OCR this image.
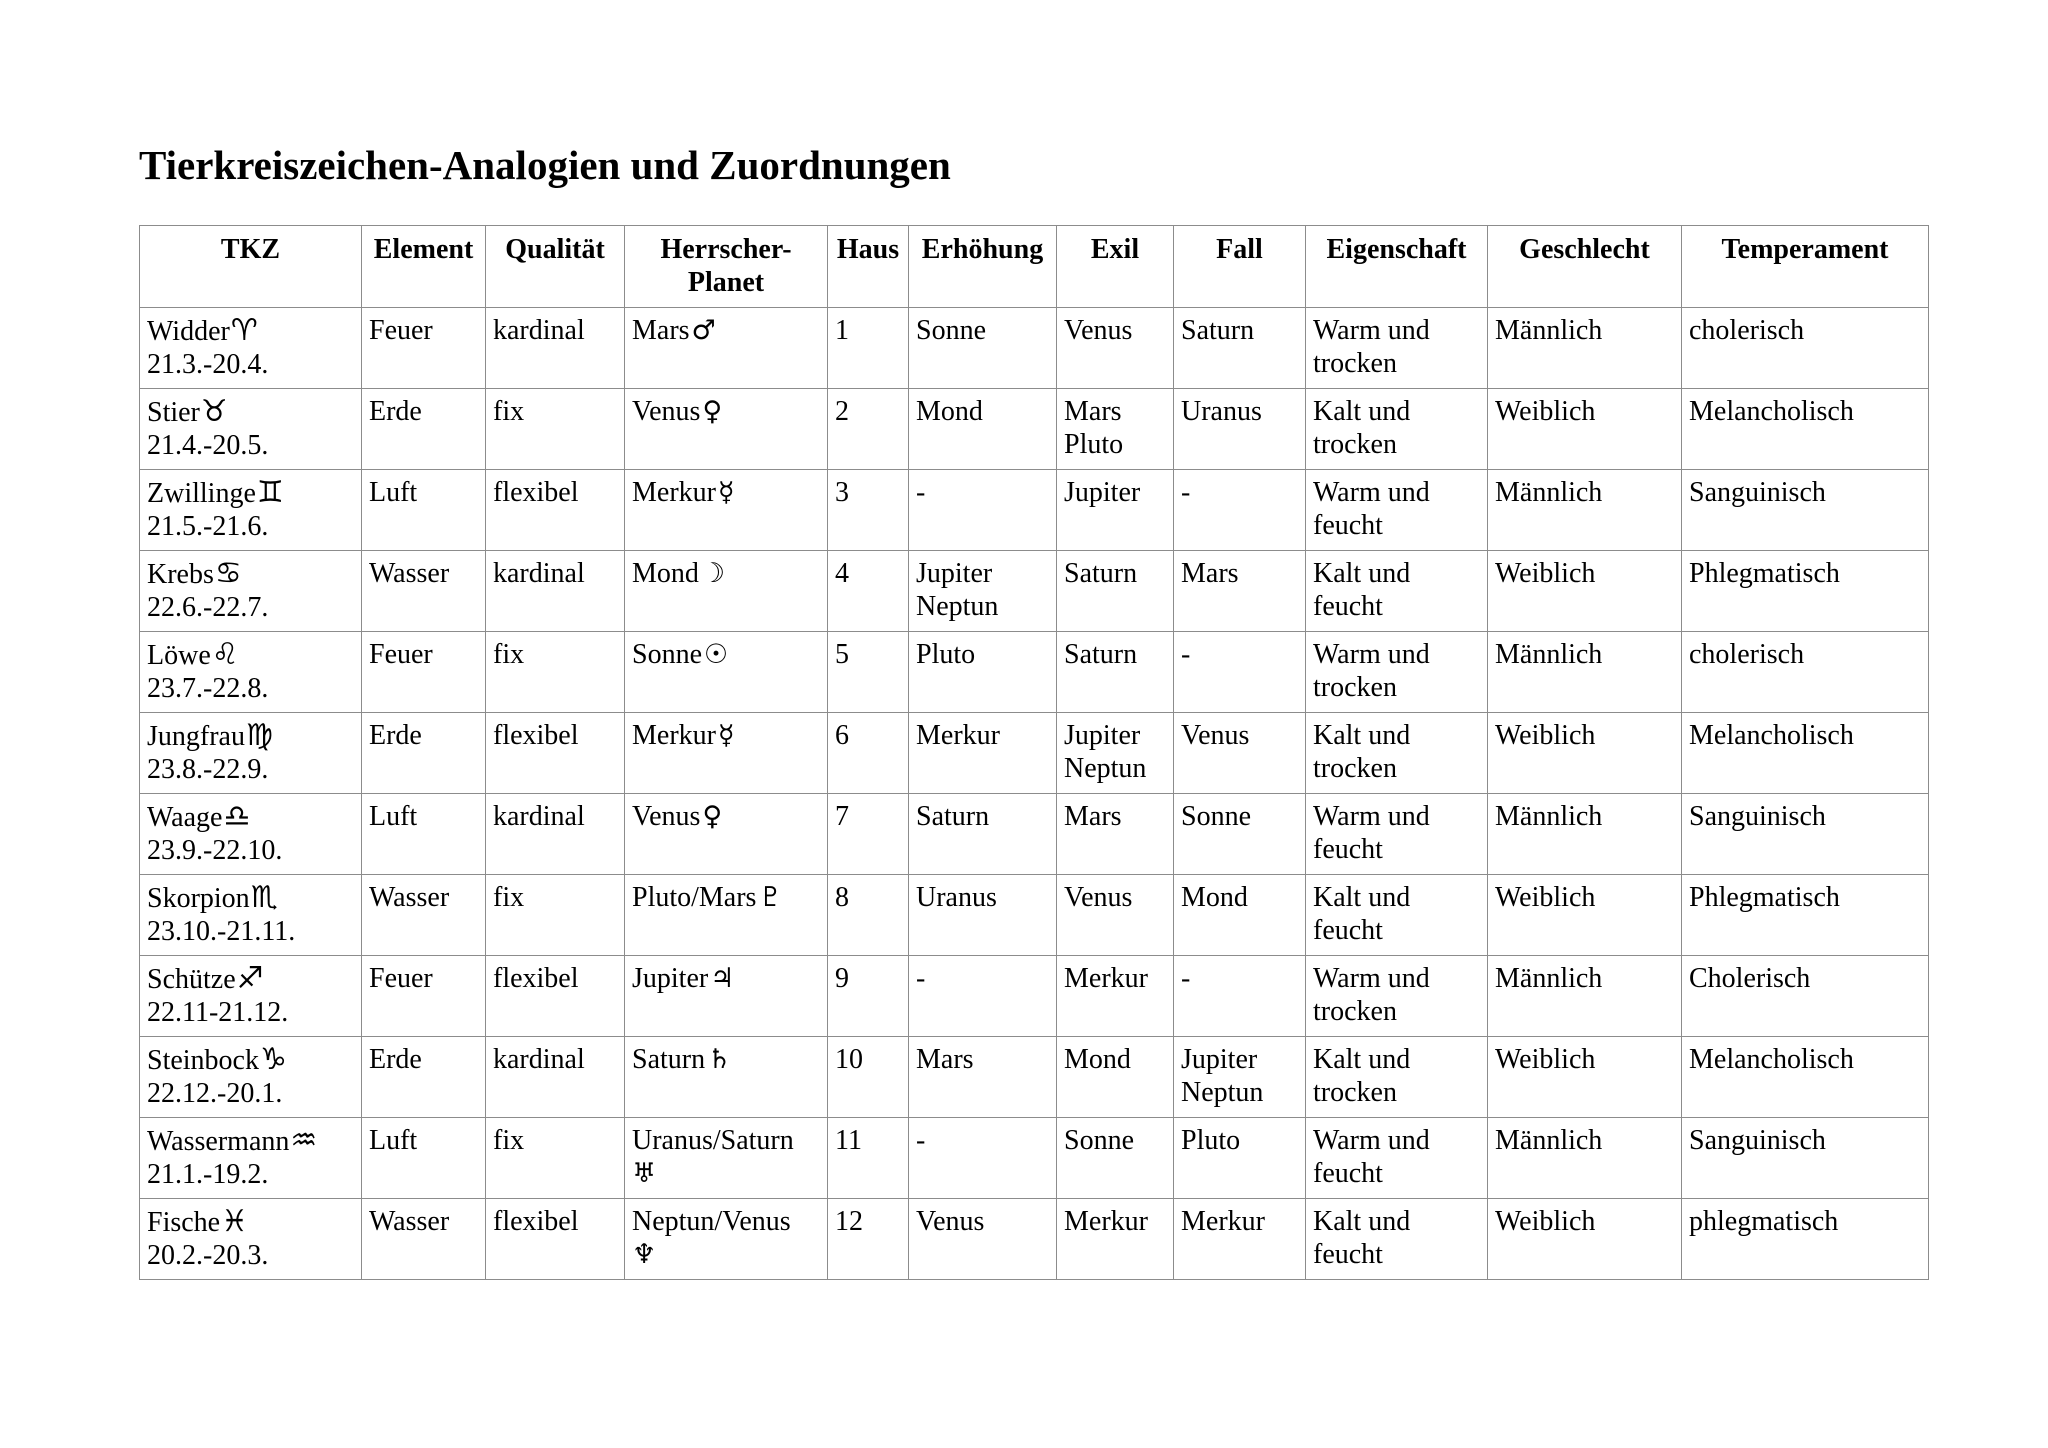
Tierkreiszeichen-Analogien und Zuordnungen
TKZ	Element	Qualität	Herrscher-
Planet	Haus	Erhöhung	Exil	Fall	Eigenschaft	Geschlecht	Temperament

Widder♈
21.3.-20.4.	Feuer	kardinal	Mars♂	1	Sonne	Venus	Saturn	Warm und
trocken	Männlich	cholerisch

Stier♉
21.4.-20.5.	Erde	fix	Venus♀	2	Mond	Mars
Pluto	Uranus	Kalt und
trocken	Weiblich	Melancholisch

Zwillinge♊
21.5.-21.6.	Luft	flexibel	Merkur☿	3	-	Jupiter	-	Warm und
feucht	Männlich	Sanguinisch

Krebs♋
22.6.-22.7.	Wasser	kardinal	Mond☽	4	Jupiter
Neptun	Saturn	Mars	Kalt und
feucht	Weiblich	Phlegmatisch

Löwe♌
23.7.-22.8.	Feuer	fix	Sonne☉	5	Pluto	Saturn	-	Warm und
trocken	Männlich	cholerisch

Jungfrau♍
23.8.-22.9.	Erde	flexibel	Merkur☿	6	Merkur	Jupiter
Neptun	Venus	Kalt und
trocken	Weiblich	Melancholisch

Waage♎
23.9.-22.10.	Luft	kardinal	Venus♀	7	Saturn	Mars	Sonne	Warm und
feucht	Männlich	Sanguinisch

Skorpion♏
23.10.-21.11.	Wasser	fix	Pluto/Mars♇	8	Uranus	Venus	Mond	Kalt und
feucht	Weiblich	Phlegmatisch

Schütze♐
22.11-21.12.	Feuer	flexibel	Jupiter♃	9	-	Merkur	-	Warm und
trocken	Männlich	Cholerisch

Steinbock♑
22.12.-20.1.	Erde	kardinal	Saturn♄	10	Mars	Mond	Jupiter
Neptun	Kalt und
trocken	Weiblich	Melancholisch

Wassermann♒
21.1.-19.2.	Luft	fix	Uranus/Saturn
♅	11	-	Sonne	Pluto	Warm und
feucht	Männlich	Sanguinisch

Fische♓
20.2.-20.3.	Wasser	flexibel	Neptun/Venus
♆	12	Venus	Merkur	Merkur	Kalt und
feucht	Weiblich	phlegmatisch
